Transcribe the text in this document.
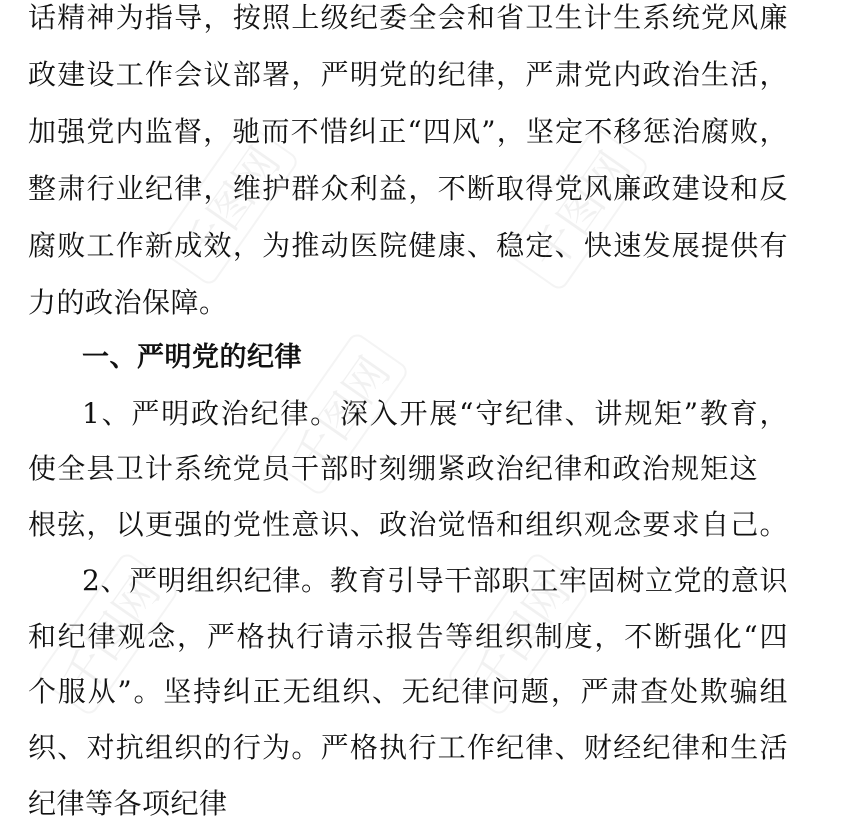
话精神为指导，按照上级纪委全会和省卫生计生系统党风廉
政建设工作会议部署，严明党的纪律，严肃党内政治生活，
加强党内监督，驰而不惜纠正“四风”，坚定不移惩治腐败，
整肃行业纪律，维护群众利益，不断取得党风廉政建设和反
腐败工作新成效，为推动医院健康、稳定、快速发展提供有
力的政治保障。
一、严明党的纪律
1、严明政治纪律。深入开展“守纪律、讲规矩”教育，
使全县卫计系统党员干部时刻绷紧政治纪律和政治规矩这
根弦，以更强的党性意识、政治觉悟和组织观念要求自己。
2、严明组织纪律。教育引导干部职工牢固树立党的意识
和纪律观念，严格执行请示报告等组织制度，不断强化“四
个服从”。坚持纠正无组织、无纪律问题，严肃查处欺骗组
织、对抗组织的行为。严格执行工作纪律、财经纪律和生活
纪律等各项纪律
千图网	千图网
千图网
千图网	千图网
